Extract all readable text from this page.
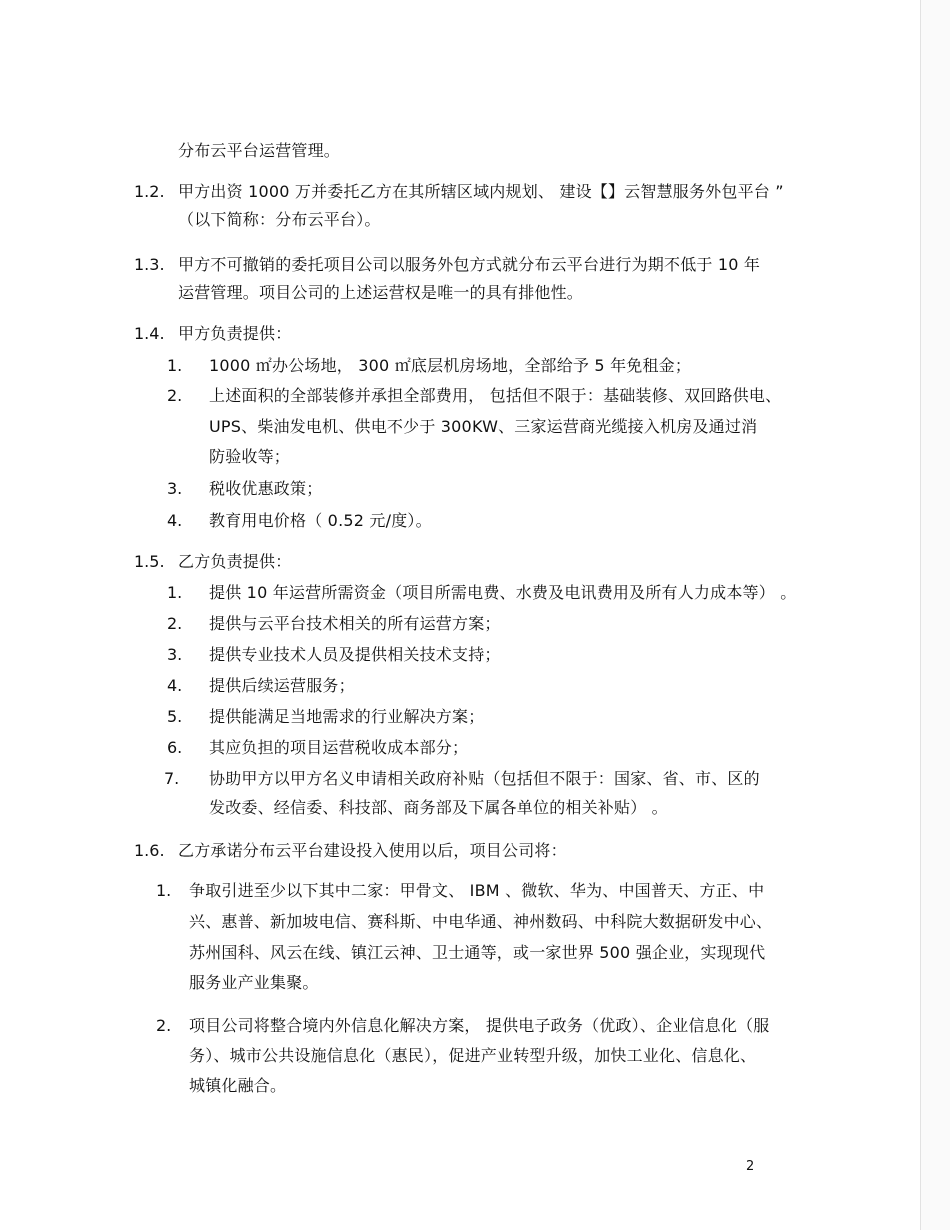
分布云平台运营管理。
1.2. 甲方出资 1000 万并委托乙方在其所辖区域内规划、 建设【】云智慧服务外包平台 ”
（以下简称：分布云平台）。
1.3. 甲方不可撤销的委托项目公司以服务外包方式就分布云平台进行为期不低于 10 年
运营管理。项目公司的上述运营权是唯一的具有排他性。
1.4. 甲方负责提供：
1. 1000 ㎡办公场地， 300 ㎡底层机房场地，全部给予 5 年免租金；
2. 上述面积的全部装修并承担全部费用， 包括但不限于：基础装修、双回路供电、
UPS、柴油发电机、供电不少于 300KW、三家运营商光缆接入机房及通过消
防验收等；
3. 税收优惠政策；
4. 教育用电价格（ 0.52 元/度）。
1.5. 乙方负责提供：
1. 提供 10 年运营所需资金（项目所需电费、水费及电讯费用及所有人力成本等） 。
2. 提供与云平台技术相关的所有运营方案；
3. 提供专业技术人员及提供相关技术支持；
4. 提供后续运营服务；
5. 提供能满足当地需求的行业解决方案；
6. 其应负担的项目运营税收成本部分；
7. 协助甲方以甲方名义申请相关政府补贴（包括但不限于：国家、省、市、区的
发改委、经信委、科技部、商务部及下属各单位的相关补贴） 。
1.6. 乙方承诺分布云平台建设投入使用以后，项目公司将：
1. 争取引进至少以下其中二家：甲骨文、 IBM 、微软、华为、中国普天、方正、中
兴、惠普、新加坡电信、赛科斯、中电华通、神州数码、中科院大数据研发中心、
苏州国科、风云在线、镇江云神、卫士通等，或一家世界 500 强企业，实现现代
服务业产业集聚。
2. 项目公司将整合境内外信息化解决方案， 提供电子政务（优政）、企业信息化（服
务）、城市公共设施信息化（惠民），促进产业转型升级，加快工业化、信息化、
城镇化融合。
2
